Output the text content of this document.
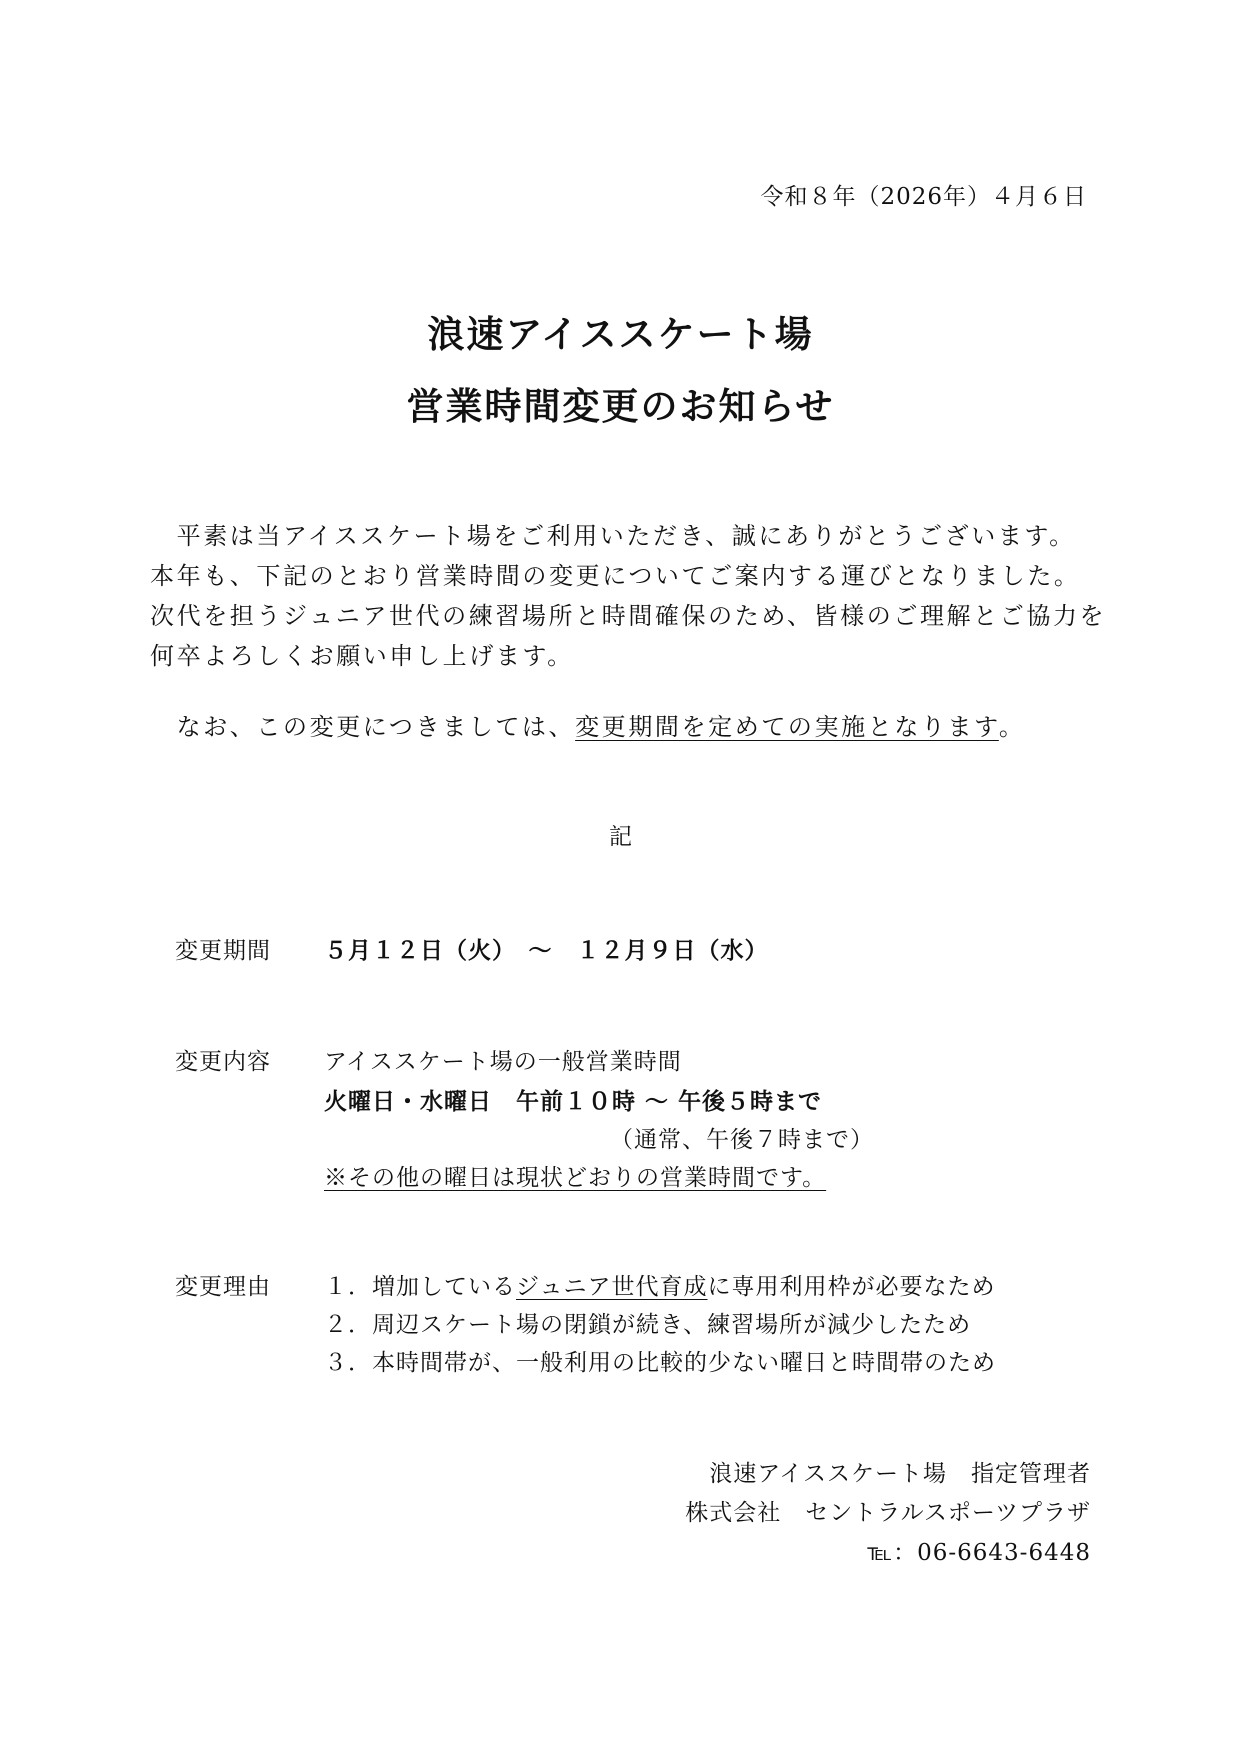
令和８年（2026年）４月６日
浪速アイススケート場
営業時間変更のお知らせ
　平素は当アイススケート場をご利用いただき、誠にありがとうございます。
本年も、下記のとおり営業時間の変更についてご案内する運びとなりました。
次代を担うジュニア世代の練習場所と時間確保のため、皆様のご理解とご協力を
何卒よろしくお願い申し上げます。
　なお、この変更につきましては、変更期間を定めての実施となります。
記
変更期間 ５月１２日（火）　～　１２月９日（水）
変更内容 アイススケート場の一般営業時間
火曜日・水曜日　午前１０時 ～ 午後５時まで
（通常、午後７時まで）
※その他の曜日は現状どおりの営業時間です。
変更理由 １．増加しているジュニア世代育成に専用利用枠が必要なため
２．周辺スケート場の閉鎖が続き、練習場所が減少したため
３．本時間帯が、一般利用の比較的少ない曜日と時間帯のため
浪速アイススケート場　指定管理者
株式会社　セントラルスポーツプラザ
℡：06-6643-6448
